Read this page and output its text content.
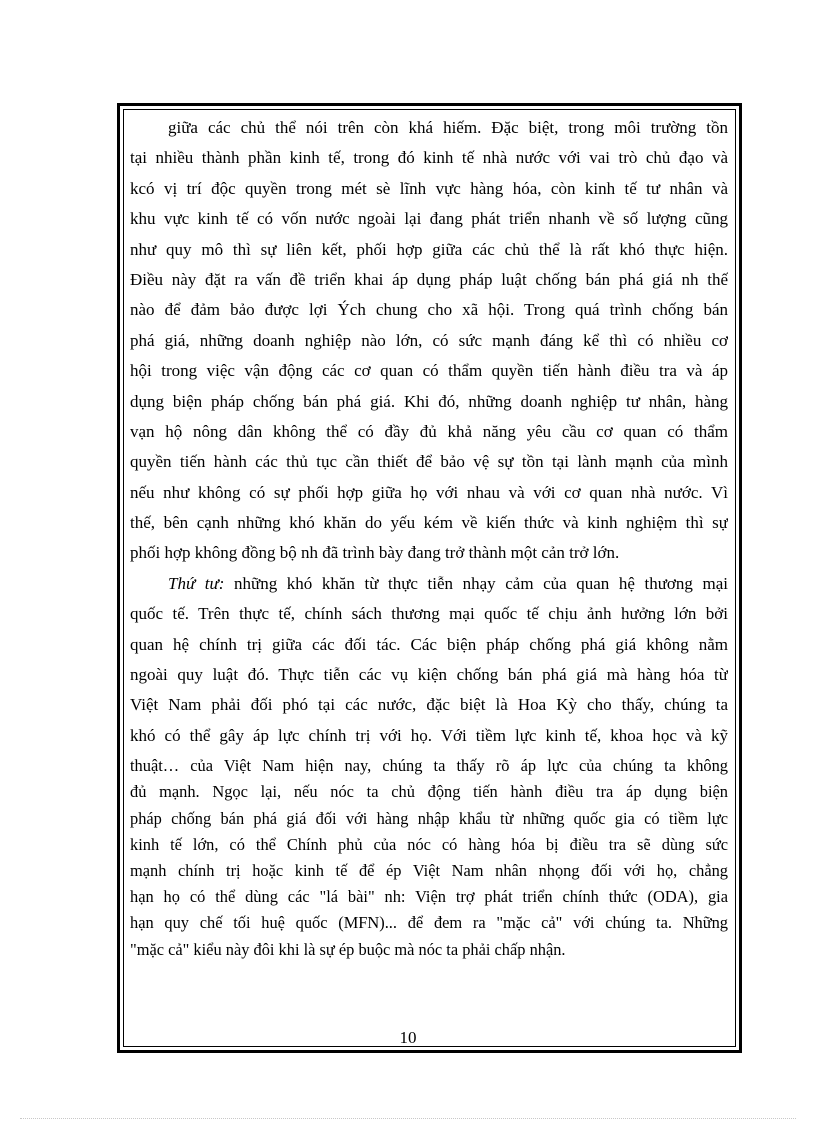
giữa các chủ thể nói trên còn khá hiếm. Đặc biệt, trong môi trường tồn
tại nhiều thành phần kinh tế, trong đó kinh tế nhà nước với vai trò chủ đạo và
kcó vị trí độc quyền trong mét sè lĩnh vực hàng hóa, còn kinh tế tư nhân và
khu vực kinh tế có vốn nước ngoài lại đang phát triển nhanh về số lượng cũng
như quy mô thì sự liên kết, phối hợp giữa các chủ thể là rất khó thực hiện.
Điều này đặt ra vấn đề triển khai áp dụng pháp luật chống bán phá giá nh thế
nào để đảm bảo được lợi Ých chung cho xã hội. Trong quá trình chống bán
phá giá, những doanh nghiệp nào lớn, có sức mạnh đáng kể thì có nhiều cơ
hội trong việc vận động các cơ quan có thẩm quyền tiến hành điều tra và áp
dụng biện pháp chống bán phá giá. Khi đó, những doanh nghiệp tư nhân, hàng
vạn hộ nông dân không thể có đầy đủ khả năng yêu cầu cơ quan có thẩm
quyền tiến hành các thủ tục cần thiết để bảo vệ sự tồn tại lành mạnh của mình
nếu như không có sự phối hợp giữa họ với nhau và với cơ quan nhà nước. Vì
thế, bên cạnh những khó khăn do yếu kém về kiến thức và kinh nghiệm thì sự
phối hợp không đồng bộ nh đã trình bày đang trở thành một cản trở lớn.
Thứ tư: những khó khăn từ thực tiễn nhạy cảm của quan hệ thương mại
quốc tế. Trên thực tế, chính sách thương mại quốc tế chịu ảnh hưởng lớn bởi
quan hệ chính trị giữa các đối tác. Các biện pháp chống phá giá không nằm
ngoài quy luật đó. Thực tiễn các vụ kiện chống bán phá giá mà hàng hóa từ
Việt Nam phải đối phó tại các nước, đặc biệt là Hoa Kỳ cho thấy, chúng ta
khó có thể gây áp lực chính trị với họ. Với tiềm lực kinh tế, khoa học và kỹ
thuật… của Việt Nam hiện nay, chúng ta thấy rõ áp lực của chúng ta không
đủ mạnh. Ngọc lại, nếu nóc ta chủ động tiến hành điều tra áp dụng biện
pháp chống bán phá giá đối với hàng nhập khẩu từ những quốc gia có tiềm lực
kinh tế lớn, có thể Chính phủ của nóc có hàng hóa bị điều tra sẽ dùng sức
mạnh chính trị hoặc kinh tế để ép Việt Nam nhân nhọng đối với họ, chẳng
hạn họ có thể dùng các "lá bài" nh: Viện trợ phát triển chính thức (ODA), gia
hạn quy chế tối huệ quốc (MFN)... để đem ra "mặc cả" với chúng ta. Những
"mặc cả" kiểu này đôi khi là sự ép buộc mà nóc ta phải chấp nhận.
10
